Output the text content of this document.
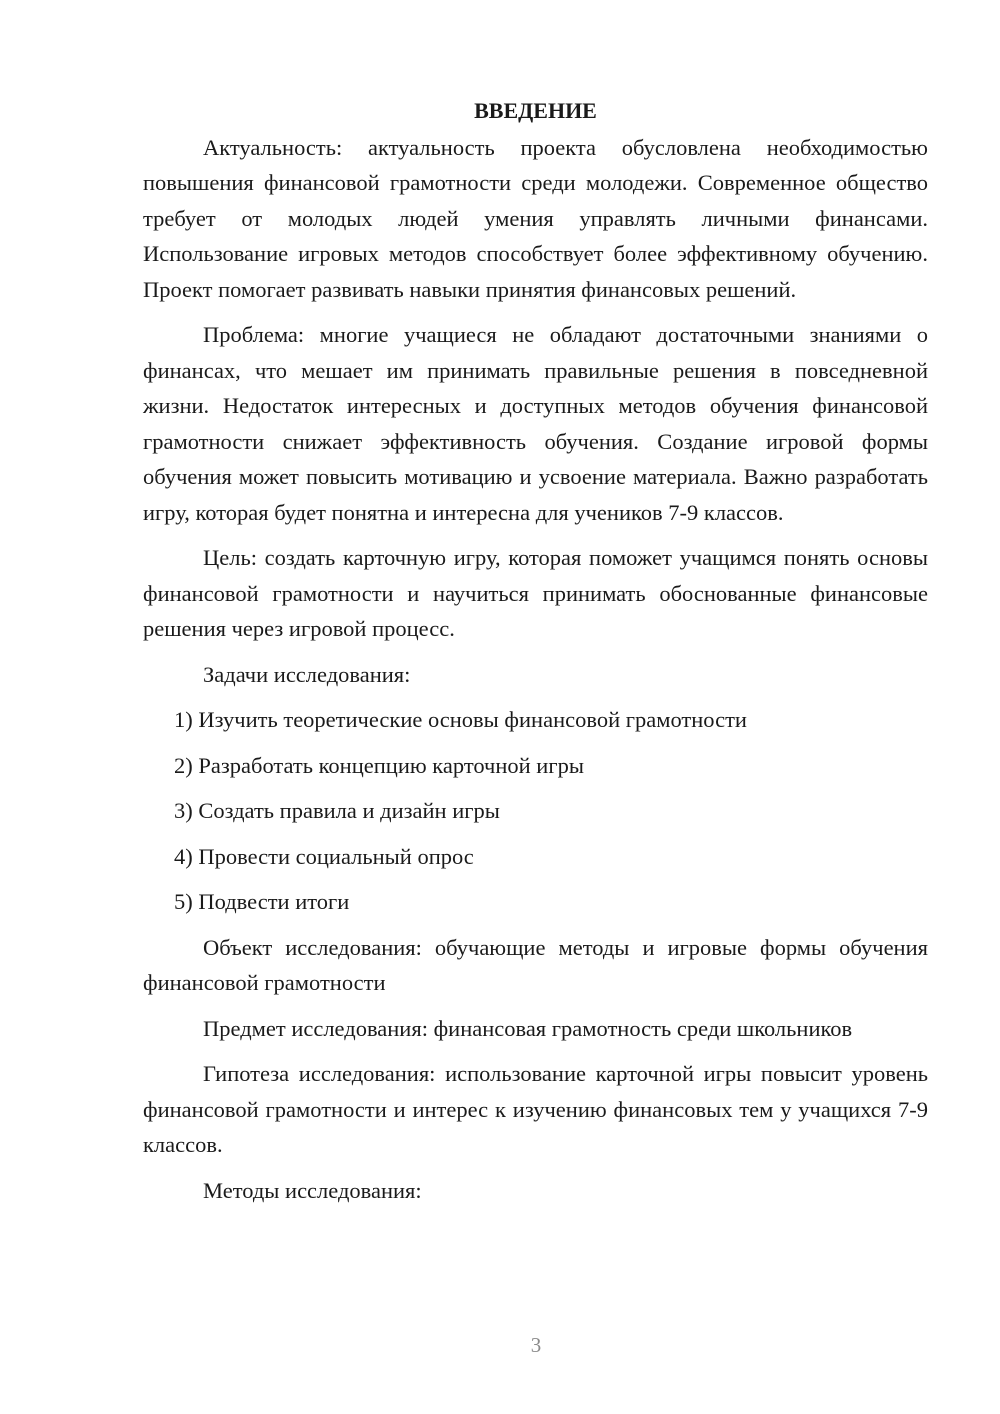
ВВЕДЕНИЕ

Актуальность: актуальность проекта обусловлена необходимостью повышения финансовой грамотности среди молодежи. Современное общество требует от молодых людей умения управлять личными финансами. Использование игровых методов способствует более эффективному обучению. Проект помогает развивать навыки принятия финансовых решений.

Проблема: многие учащиеся не обладают достаточными знаниями о финансах, что мешает им принимать правильные решения в повседневной жизни. Недостаток интересных и доступных методов обучения финансовой грамотности снижает эффективность обучения. Создание игровой формы обучения может повысить мотивацию и усвоение материала. Важно разработать игру, которая будет понятна и интересна для учеников 7-9 классов.

Цель: создать карточную игру, которая поможет учащимся понять основы финансовой грамотности и научиться принимать обоснованные финансовые решения через игровой процесс.

Задачи исследования:

1) Изучить теоретические основы финансовой грамотности
2) Разработать концепцию карточной игры
3) Создать правила и дизайн игры
4) Провести социальный опрос
5) Подвести итоги

Объект исследования: обучающие методы и игровые формы обучения финансовой грамотности

Предмет исследования: финансовая грамотность среди школьников

Гипотеза исследования: использование карточной игры повысит уровень финансовой грамотности и интерес к изучению финансовых тем у учащихся 7-9 классов.

Методы исследования:

3
